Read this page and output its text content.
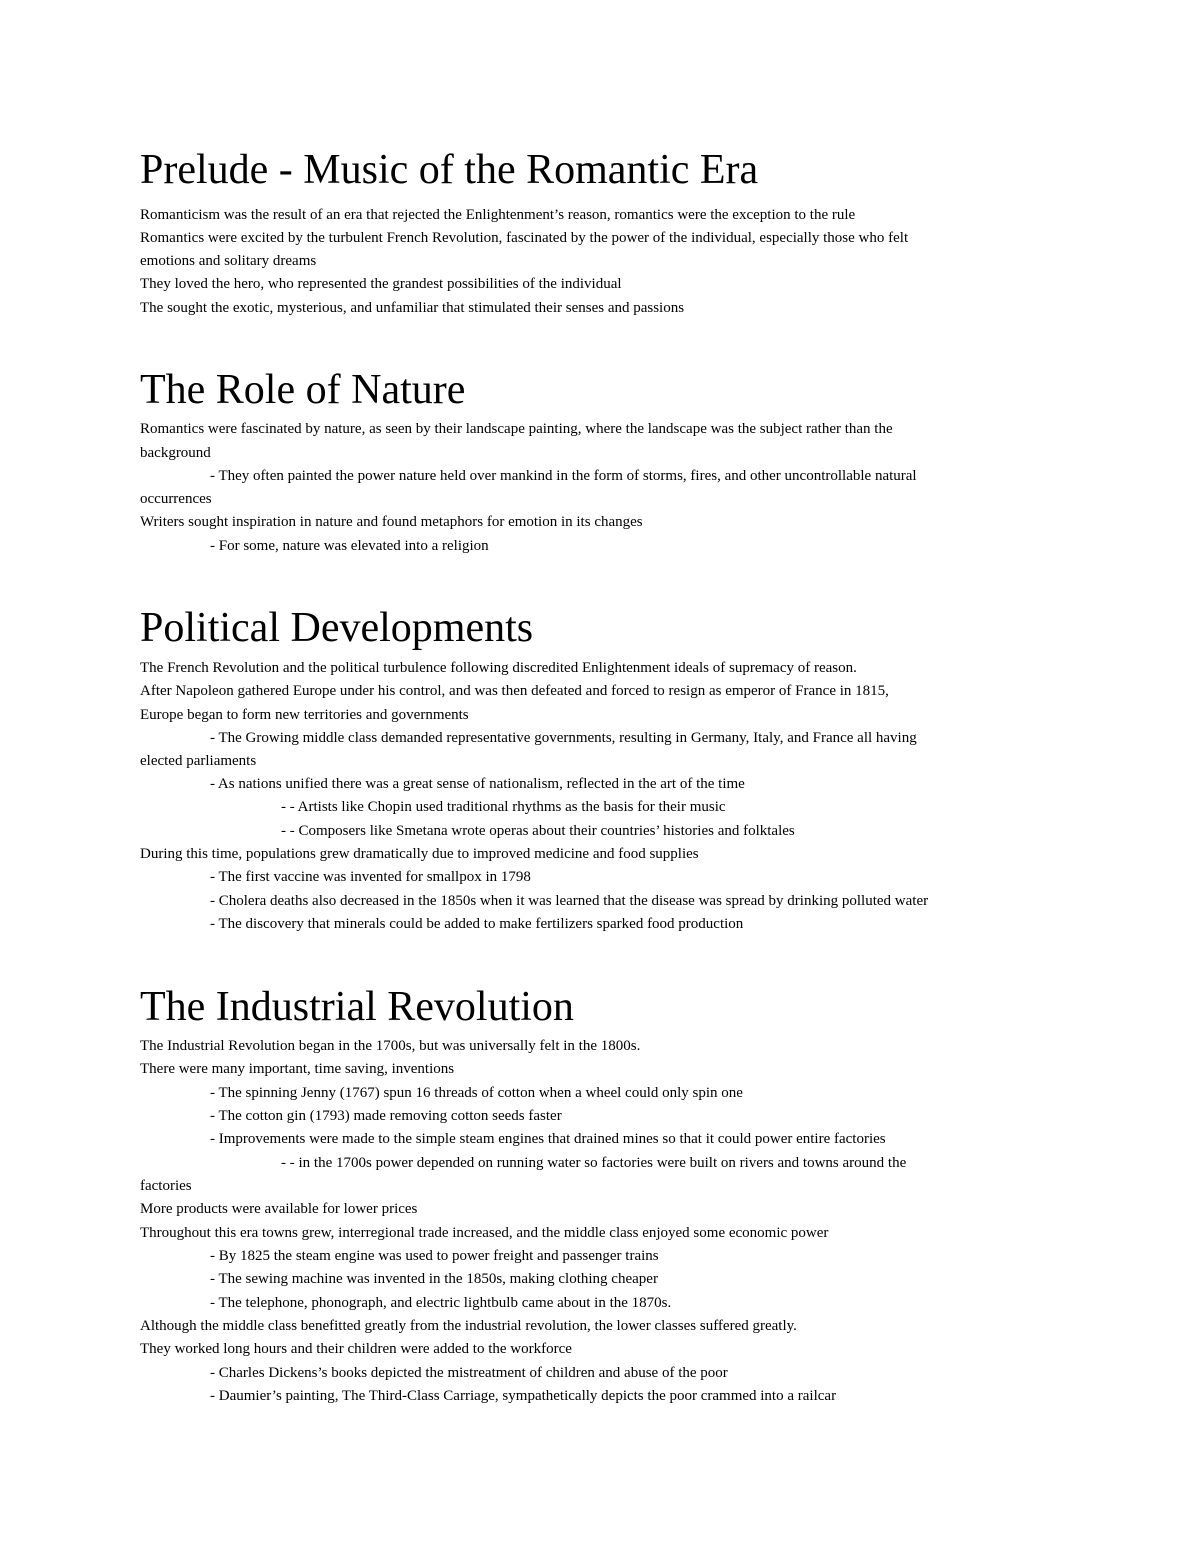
Prelude - Music of the Romantic Era
Romanticism was the result of an era that rejected the Enlightenment’s reason, romantics were the exception to the rule
Romantics were excited by the turbulent French Revolution, fascinated by the power of the individual, especially those who felt
emotions and solitary dreams
They loved the hero, who represented the grandest possibilities of the individual
The sought the exotic, mysterious, and unfamiliar that stimulated their senses and passions
The Role of Nature
Romantics were fascinated by nature, as seen by their landscape painting, where the landscape was the subject rather than the
background
- They often painted the power nature held over mankind in the form of storms, fires, and other uncontrollable natural
occurrences
Writers sought inspiration in nature and found metaphors for emotion in its changes
- For some, nature was elevated into a religion
Political Developments
The French Revolution and the political turbulence following discredited Enlightenment ideals of supremacy of reason.
After Napoleon gathered Europe under his control, and was then defeated and forced to resign as emperor of France in 1815,
Europe began to form new territories and governments
- The Growing middle class demanded representative governments, resulting in Germany, Italy, and France all having
elected parliaments
- As nations unified there was a great sense of nationalism, reflected in the art of the time
- - Artists like Chopin used traditional rhythms as the basis for their music
- - Composers like Smetana wrote operas about their countries’ histories and folktales
During this time, populations grew dramatically due to improved medicine and food supplies
- The first vaccine was invented for smallpox in 1798
- Cholera deaths also decreased in the 1850s when it was learned that the disease was spread by drinking polluted water
- The discovery that minerals could be added to make fertilizers sparked food production
The Industrial Revolution
The Industrial Revolution began in the 1700s, but was universally felt in the 1800s.
There were many important, time saving, inventions
- The spinning Jenny (1767) spun 16 threads of cotton when a wheel could only spin one
- The cotton gin (1793) made removing cotton seeds faster
- Improvements were made to the simple steam engines that drained mines so that it could power entire factories
- - in the 1700s power depended on running water so factories were built on rivers and towns around the
factories
More products were available for lower prices
Throughout this era towns grew, interregional trade increased, and the middle class enjoyed some economic power
- By 1825 the steam engine was used to power freight and passenger trains
- The sewing machine was invented in the 1850s, making clothing cheaper
- The telephone, phonograph, and electric lightbulb came about in the 1870s.
Although the middle class benefitted greatly from the industrial revolution, the lower classes suffered greatly.
They worked long hours and their children were added to the workforce
- Charles Dickens’s books depicted the mistreatment of children and abuse of the poor
- Daumier’s painting, The Third-Class Carriage, sympathetically depicts the poor crammed into a railcar
